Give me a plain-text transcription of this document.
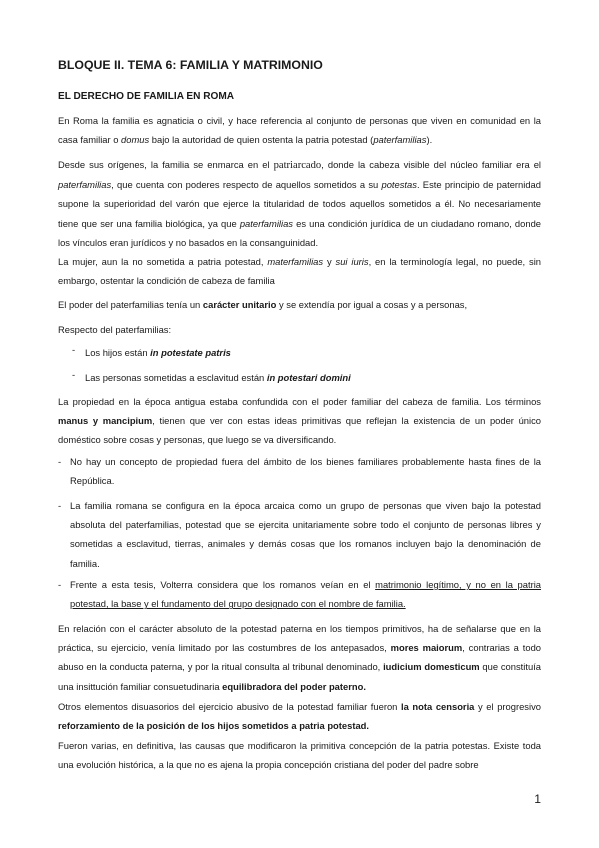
BLOQUE II. TEMA 6: FAMILIA Y MATRIMONIO
EL DERECHO DE FAMILIA EN ROMA

En Roma la familia es agnaticia o civil, y hace referencia al conjunto de personas que viven en comunidad en la casa familiar o domus bajo la autoridad de quien ostenta la patria potestad (paterfamilias).

Desde sus orígenes, la familia se enmarca en el patriarcado, donde la cabeza visible del núcleo familiar era el paterfamilias, que cuenta con poderes respecto de aquellos sometidos a su potestas. Este principio de paternidad supone la superioridad del varón que ejerce la titularidad de todos aquellos sometidos a él. No necesariamente tiene que ser una familia biológica, ya que paterfamilias es una condición jurídica de un ciudadano romano, donde los vínculos eran jurídicos y no basados en la consanguinidad.

La mujer, aun la no sometida a patria potestad, materfamilias y sui iuris, en la terminología legal, no puede, sin embargo, ostentar la condición de cabeza de familia

El poder del paterfamilias tenía un carácter unitario y se extendía por igual a cosas y a personas,

Respecto del paterfamilias:

- Los hijos están in potestate patris
- Las personas sometidas a esclavitud están in potestari domini

La propiedad en la época antigua estaba confundida con el poder familiar del cabeza de familia. Los términos manus y mancipium, tienen que ver con estas ideas primitivas que reflejan la existencia de un poder único doméstico sobre cosas y personas, que luego se va diversificando.

- No hay un concepto de propiedad fuera del ámbito de los bienes familiares probablemente hasta fines de la República.

- La familia romana se configura en la época arcaica como un grupo de personas que viven bajo la potestad absoluta del paterfamilias, potestad que se ejercita unitariamente sobre todo el conjunto de personas libres y sometidas a esclavitud, tierras, animales y demás cosas que los romanos incluyen bajo la denominación de familia.

- Frente a esta tesis, Volterra considera que los romanos veían en el matrimonio legítimo, y no en la patria potestad, la base y el fundamento del grupo designado con el nombre de familia.

En relación con el carácter absoluto de la potestad paterna en los tiempos primitivos, ha de señalarse que en la práctica, su ejercicio, venía limitado por las costumbres de los antepasados, mores maiorum, contrarias a todo abuso en la conducta paterna, y por la ritual consulta al tribunal denominado, iudicium domesticum que constituía una insittución familiar consuetudinaria equilibradora del poder paterno.

Otros elementos disuasorios del ejercicio abusivo de la potestad familiar fueron la nota censoria y el progresivo reforzamiento de la posición de los hijos sometidos a patria potestad.

Fueron varias, en definitiva, las causas que modificaron la primitiva concepción de la patria potestas. Existe toda una evolución histórica, a la que no es ajena la propia concepción cristiana del poder del padre sobre

1
